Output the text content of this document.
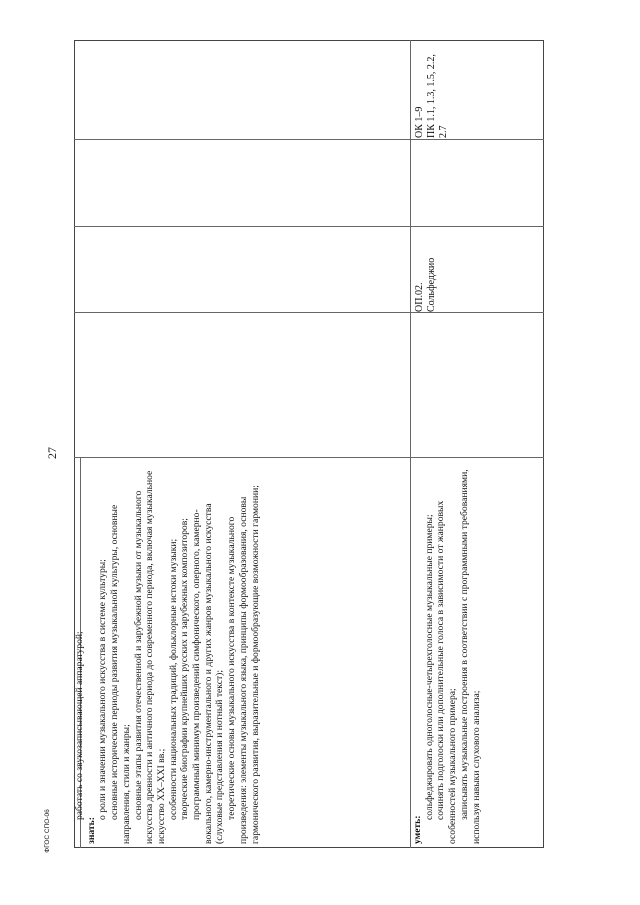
27
ФГОС СПО-06

работать со звукозаписывающей аппаратурой;

знать:

о роли и значении музыкального искусства в системе культуры; основные исторические периоды развития музыкальной культуры, основные направления, стили и жанры; основные этапы развития отечественной и зарубежной музыки от музыкального искусства древности и античного периода до современного периода, включая музыкальное искусство XX–XXI вв.; особенности национальных традиций, фольклорные истоки музыки; творческие биографии крупнейших русских и зарубежных композиторов; программный минимум произведений симфонического, оперного, камерно-вокального, камерно-инструментального и других жанров музыкального искусства (слуховые представления и нотный текст); теоретические основы музыкального искусства в контексте музыкального произведения: элементы музыкального языка, принципы формообразования, основы гармонического развития, выразительные и формообразующие возможности гармонии;	уметь:

сольфеджировать одноголосные-четырехголосные музыкальные примеры; сочинять подголоски или дополнительные голоса в зависимости от жанровых особенностей музыкального примера; записывать музыкальные построения в соответствии с программными требованиями, используя навыки слухового анализа;

ОП.02. Сольфеджио

ОК 1–9 ПК 1.1, 1.3, 1.5, 2.2, 2.7
